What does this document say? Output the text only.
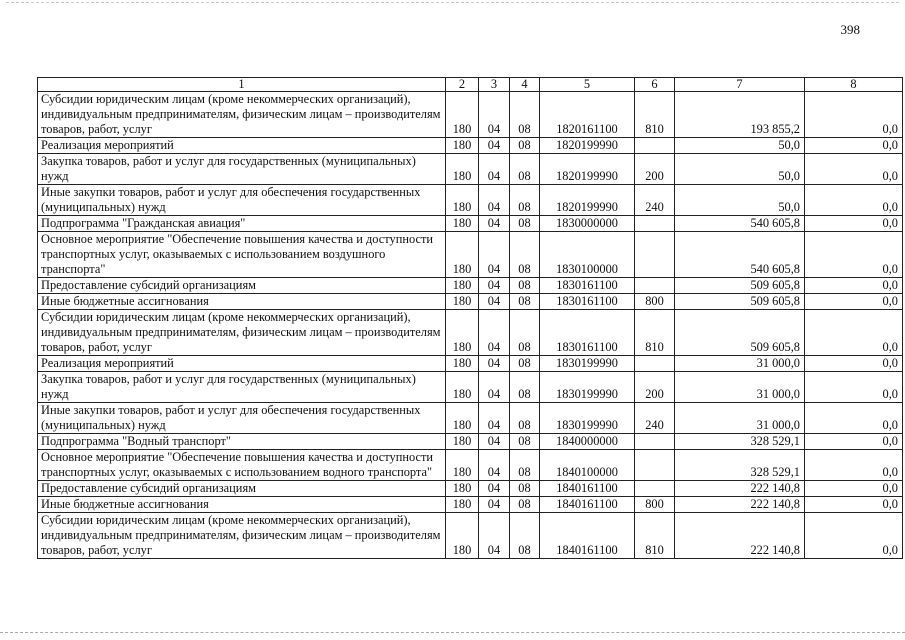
398
1	2	3	4	5	6	7	8
Субсидии юридическим лицам (кроме некоммерческих организаций), индивидуальным предпринимателям, физическим лицам – производителям товаров, работ, услуг	180	04	08	1820161100	810	193 855,2	0,0
Реализация мероприятий	180	04	08	1820199990		50,0	0,0
Закупка товаров, работ и услуг для государственных (муниципальных) нужд	180	04	08	1820199990	200	50,0	0,0
Иные закупки товаров, работ и услуг для обеспечения государственных (муниципальных) нужд	180	04	08	1820199990	240	50,0	0,0
Подпрограмма "Гражданская авиация"	180	04	08	1830000000		540 605,8	0,0
Основное мероприятие "Обеспечение повышения качества и доступности транспортных услуг, оказываемых с использованием воздушного транспорта"	180	04	08	1830100000		540 605,8	0,0
Предоставление субсидий организациям	180	04	08	1830161100		509 605,8	0,0
Иные бюджетные ассигнования	180	04	08	1830161100	800	509 605,8	0,0
Субсидии юридическим лицам (кроме некоммерческих организаций), индивидуальным предпринимателям, физическим лицам – производителям товаров, работ, услуг	180	04	08	1830161100	810	509 605,8	0,0
Реализация мероприятий	180	04	08	1830199990		31 000,0	0,0
Закупка товаров, работ и услуг для государственных (муниципальных) нужд	180	04	08	1830199990	200	31 000,0	0,0
Иные закупки товаров, работ и услуг для обеспечения государственных (муниципальных) нужд	180	04	08	1830199990	240	31 000,0	0,0
Подпрограмма "Водный транспорт"	180	04	08	1840000000		328 529,1	0,0
Основное мероприятие "Обеспечение повышения качества и доступности транспортных услуг, оказываемых с использованием водного транспорта"	180	04	08	1840100000		328 529,1	0,0
Предоставление субсидий организациям	180	04	08	1840161100		222 140,8	0,0
Иные бюджетные ассигнования	180	04	08	1840161100	800	222 140,8	0,0
Субсидии юридическим лицам (кроме некоммерческих организаций), индивидуальным предпринимателям, физическим лицам – производителям товаров, работ, услуг	180	04	08	1840161100	810	222 140,8	0,0
